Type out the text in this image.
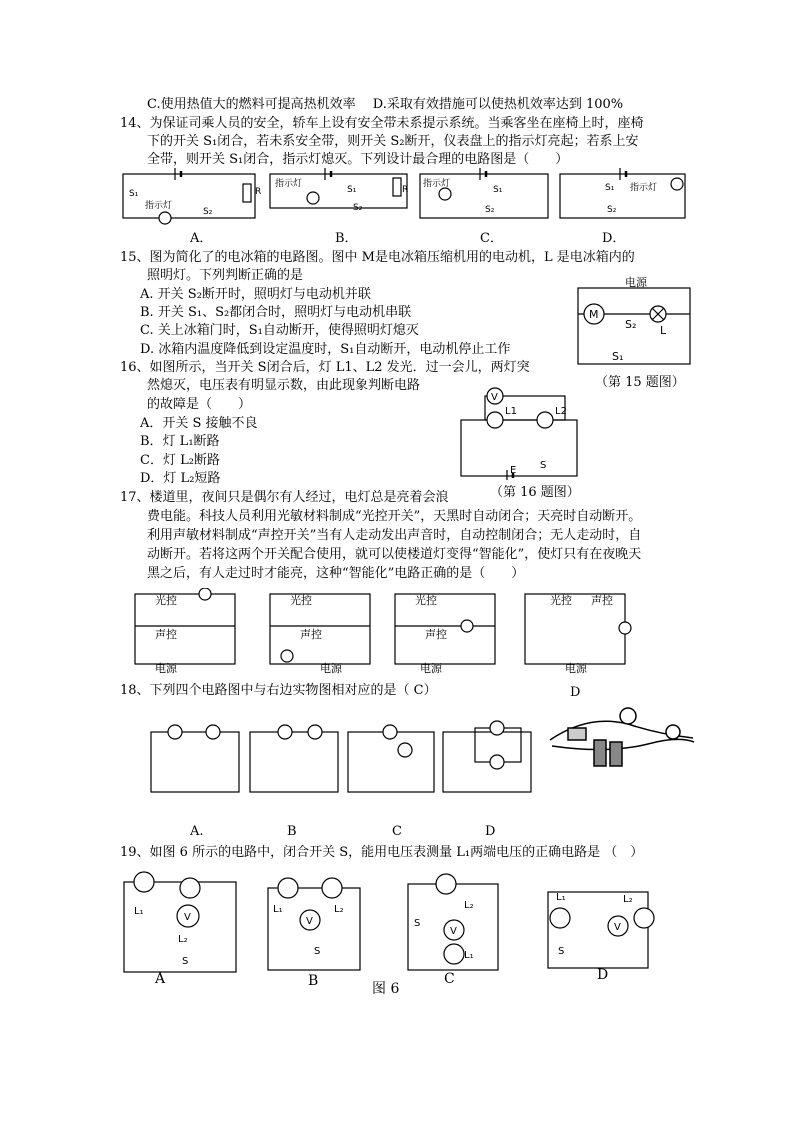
C.使用热值大的燃料可提高热机效率　 D.采取有效措施可以使热机效率达到 100%
14、为保证司乘人员的安全，轿车上设有安全带未系提示系统。当乘客坐在座椅上时，座椅
下的开关 S₁闭合，若未系安全带，则开关 S₂断开，仪表盘上的指示灯亮起；若系上安
全带，则开关 S₁闭合，指示灯熄灭。下列设计最合理的电路图是（　　）
S₁
指示灯
S₂
R
指示灯
S₁
S₂
R
指示灯
S₁
S₂
S₁ 指示灯
S₂
A．	B．	C．	D．
15、图为简化了的电冰箱的电路图。图中 M是电冰箱压缩机用的电动机，L 是电冰箱内的
照明灯。下列判断正确的是
A. 开关 S₂断开时，照明灯与电动机并联
B. 开关 S₁、S₂都闭合时，照明灯与电动机串联
C. 关上冰箱门时，S₁自动断开，使得照明灯熄灭
D. 冰箱内温度降低到设定温度时，S₁自动断开，电动机停止工作
电源
M
S₂ L
S₁
（第 15 题图）
16、如图所示，当开关 S闭合后，灯 L1、L2 发光．过一会儿，两灯突
然熄灭，电压表有明显示数，由此现象判断电路
的故障是（　　）
A．开关 S 接触不良
B．灯 L₁断路
C．灯 L₂断路
D．灯 L₂短路
V
L1	L2
E S
（第 16 题图）
17、楼道里，夜间只是偶尔有人经过，电灯总是亮着会浪
费电能。科技人员利用光敏材料制成“光控开关”，天黑时自动闭合；天亮时自动断开。
利用声敏材料制成“声控开关”当有人走动发出声音时，自动控制闭合；无人走动时，自
动断开。若将这两个开关配合使用，就可以使楼道灯变得“智能化”，使灯只有在夜晚天
黑之后，有人走过时才能亮，这种“智能化”电路正确的是（　　）
光控
声控
电源
光控
声控
电源
光控
声控
电源
光控 声控
电源
D
18、下列四个电路图中与右边实物图相对应的是（ C）
A.	B	C	D
19、如图 6 所示的电路中，闭合开关 S，能用电压表测量 L₁两端电压的正确电路是 （　）
V
L₁
L₂
S
V
L₁	L₂
S
V
L₂
L₁
S	V
L₁	L₂
S
A	B	图 6
C	D
